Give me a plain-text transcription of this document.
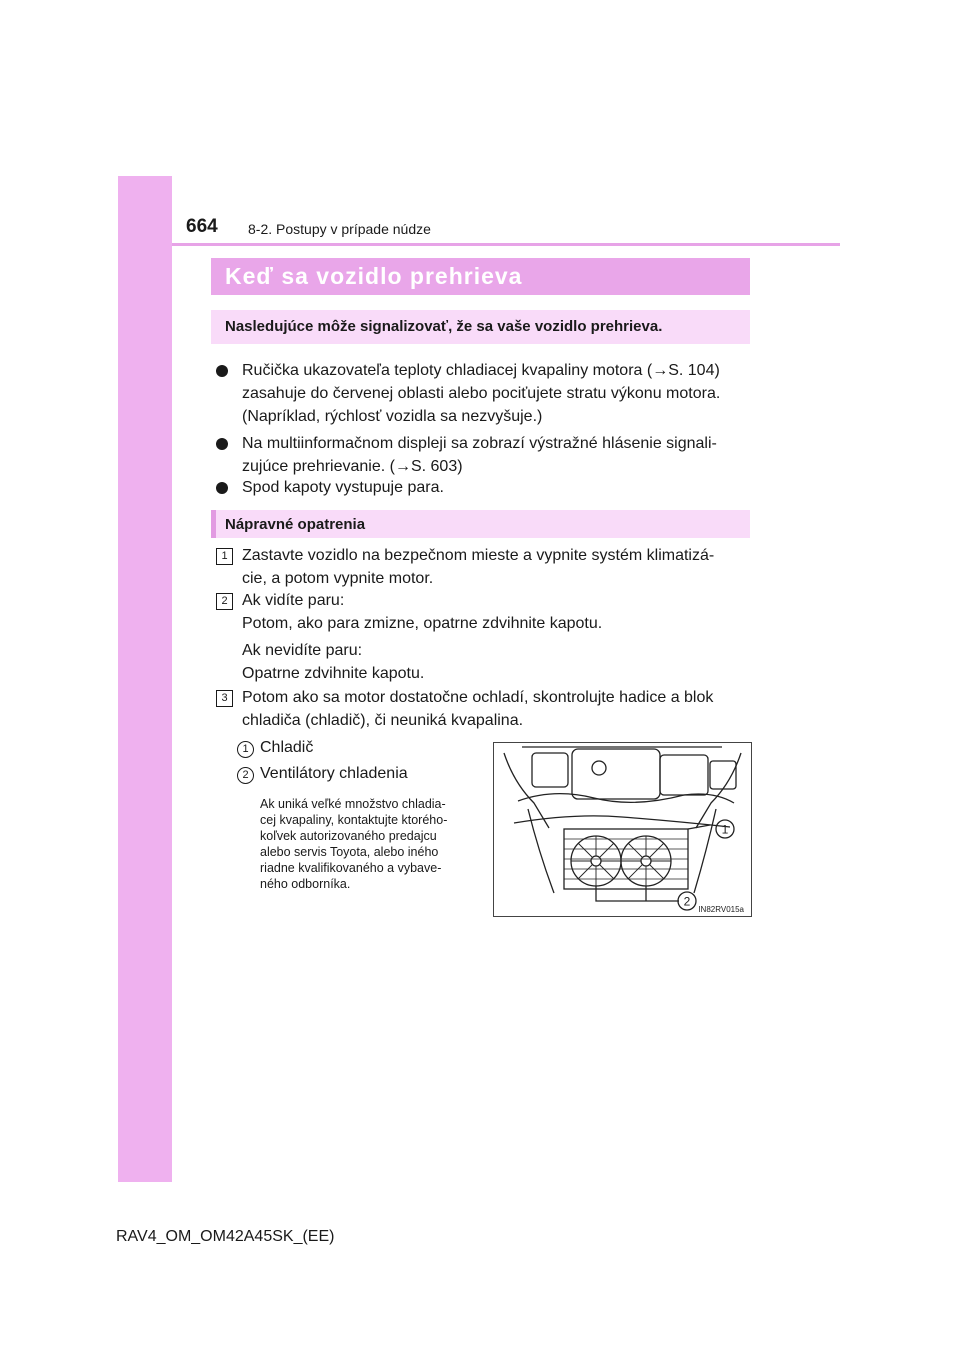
664 8-2. Postupy v prípade núdze
Keď sa vozidlo prehrieva
Nasledujúce môže signalizovať, že sa vaše vozidlo prehrieva.
Ručička ukazovateľa teploty chladiacej kvapaliny motora (→S. 104)
zasahuje do červenej oblasti alebo pociťujete stratu výkonu motora.
(Napríklad, rýchlosť vozidla sa nezvyšuje.)
Na multiinformačnom displeji sa zobrazí výstražné hlásenie signali-
zujúce prehrievanie. (→S. 603)
Spod kapoty vystupuje para.
Nápravné opatrenia
1 Zastavte vozidlo na bezpečnom mieste a vypnite systém klimatizá-
cie, a potom vypnite motor.
2 Ak vidíte paru:
Potom, ako para zmizne, opatrne zdvihnite kapotu.
Ak nevidíte paru:
Opatrne zdvihnite kapotu.
3 Potom ako sa motor dostatočne ochladí, skontrolujte hadice a blok
chladiča (chladič), či neuniká kvapalina.
1 Chladič
2 Ventilátory chladenia
Ak uniká veľké množstvo chladia-
cej kvapaliny, kontaktujte ktorého-
koľvek autorizovaného predajcu
alebo servis Toyota, alebo iného
riadne kvalifikovaného a vybave-
ného odborníka.
1
2
IN82RV015a
RAV4_OM_OM42A45SK_(EE)
